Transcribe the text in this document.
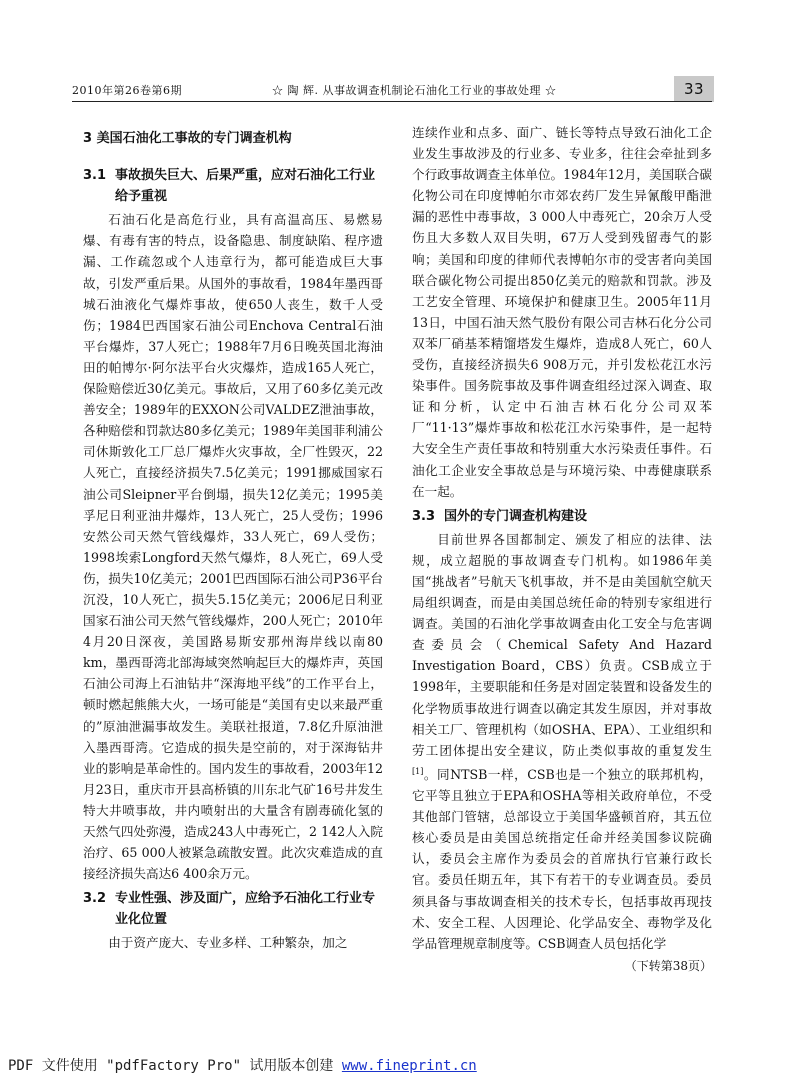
2010年第26卷第6期	☆ 陶 辉. 从事故调查机制论石油化工行业的事故处理 ☆	33
3 美国石油化工事故的专门调查机构
3.1 事故损失巨大、后果严重，应对石油化工行业给予重视

石油石化是高危行业，具有高温高压、易燃易爆、有毒有害的特点，设备隐患、制度缺陷、程序遗漏、工作疏忽或个人违章行为，都可能造成巨大事故，引发严重后果。从国外的事故看，1984年墨西哥城石油液化气爆炸事故，使650人丧生，数千人受伤；1984巴西国家石油公司Enchova Central石油平台爆炸，37人死亡；1988年7月6日晚英国北海油田的帕博尔·阿尔法平台火灾爆炸，造成165人死亡，保险赔偿近30亿美元。事故后，又用了60多亿美元改善安全；1989年的EXXON公司VALDEZ泄油事故，各种赔偿和罚款达80多亿美元；1989年美国菲利浦公司休斯敦化工厂总厂爆炸火灾事故，全厂性毁灭，22人死亡，直接经济损失7.5亿美元；1991挪威国家石油公司Sleipner平台倒塌，损失12亿美元；1995美孚尼日利亚油井爆炸，13人死亡，25人受伤；1996安然公司天然气管线爆炸，33人死亡，69人受伤；1998埃索Longford天然气爆炸，8人死亡，69人受伤，损失10亿美元；2001巴西国际石油公司P36平台沉没，10人死亡，损失5.15亿美元；2006尼日利亚国家石油公司天然气管线爆炸，200人死亡；2010年4月20日深夜，美国路易斯安那州海岸线以南80 km，墨西哥湾北部海域突然响起巨大的爆炸声，英国石油公司海上石油钻井“深海地平线”的工作平台上，顿时燃起熊熊大火，一场可能是“美国有史以来最严重的”原油泄漏事故发生。美联社报道，7.8亿升原油泄入墨西哥湾。它造成的损失是空前的，对于深海钻井业的影响是革命性的。国内发生的事故看，2003年12月23日，重庆市开县高桥镇的川东北气矿16号井发生特大井喷事故，井内喷射出的大量含有剧毒硫化氢的天然气四处弥漫，造成243人中毒死亡，2 142人入院治疗、65 000人被紧急疏散安置。此次灾难造成的直接经济损失高达6 400余万元。

3.2 专业性强、涉及面广，应给予石油化工行业专业化位置

由于资产庞大、专业多样、工种繁杂，加之

连续作业和点多、面广、链长等特点导致石油化工企业发生事故涉及的行业多、专业多，往往会牵扯到多个行政事故调查主体单位。1984年12月，美国联合碳化物公司在印度博帕尔市郊农药厂发生异氰酸甲酯泄漏的恶性中毒事故，3 000人中毒死亡，20余万人受伤且大多数人双目失明，67万人受到残留毒气的影响；美国和印度的律师代表博帕尔市的受害者向美国联合碳化物公司提出850亿美元的赔款和罚款。涉及工艺安全管理、环境保护和健康卫生。2005年11月13日，中国石油天然气股份有限公司吉林石化分公司双苯厂硝基苯精馏塔发生爆炸，造成8人死亡，60人受伤，直接经济损失6 908万元，并引发松花江水污染事件。国务院事故及事件调查组经过深入调查、取证和分析，认定中石油吉林石化分公司双苯厂“11·13”爆炸事故和松花江水污染事件，是一起特大安全生产责任事故和特别重大水污染责任事件。石油化工企业安全事故总是与环境污染、中毒健康联系在一起。

3.3 国外的专门调查机构建设

目前世界各国都制定、颁发了相应的法律、法规，成立超脱的事故调查专门机构。如1986年美国“挑战者”号航天飞机事故，并不是由美国航空航天局组织调查，而是由美国总统任命的特别专家组进行调查。美国的石油化学事故调查由化工安全与危害调查委员会（Chemical Safety And Hazard Investigation Board，CBS）负责。CSB成立于1998年，主要职能和任务是对固定装置和设备发生的化学物质事故进行调查以确定其发生原因，并对事故相关工厂、管理机构（如OSHA、EPA）、工业组织和劳工团体提出安全建议，防止类似事故的重复发生[1]。同NTSB一样，CSB也是一个独立的联邦机构，它平等且独立于EPA和OSHA等相关政府单位，不受其他部门管辖，总部设立于美国华盛顿首府，其五位核心委员是由美国总统指定任命并经美国参议院确认，委员会主席作为委员会的首席执行官兼行政长官。委员任期五年，其下有若干的专业调查员。委员须具备与事故调查相关的技术专长，包括事故再现技术、安全工程、人因理论、化学品安全、毒物学及化学品管理规章制度等。CSB调查人员包括化学

（下转第38页）
PDF 文件使用 "pdfFactory Pro" 试用版本创建 www.fineprint.cn
